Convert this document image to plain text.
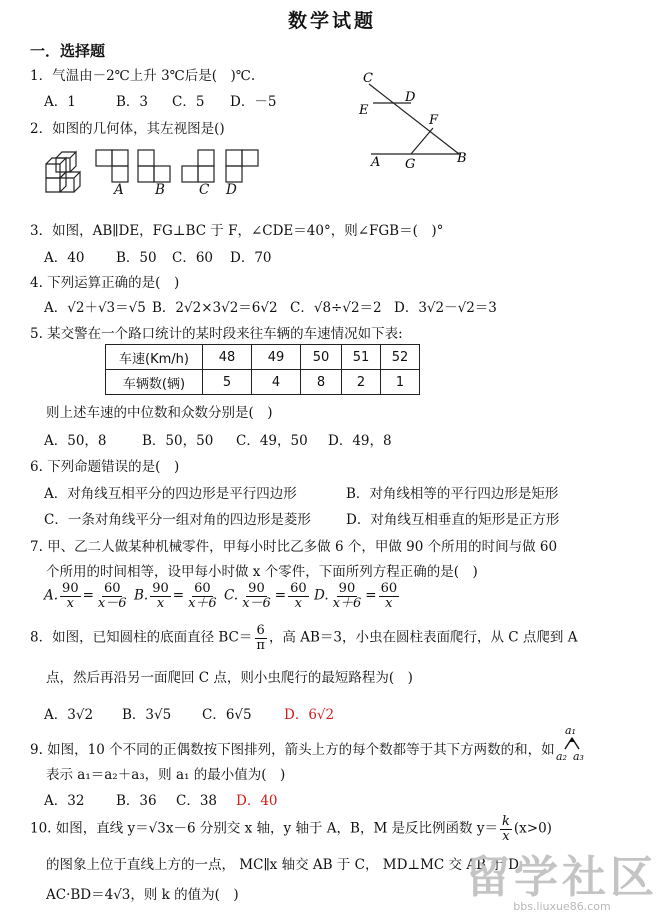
数学试题
一．选择题
1．气温由－2℃上升 3℃后是(　)℃.
A．1	B．3 C．5 D．－5
2．如图的几何体，其左视图是()
A B	C D
C
D
E
F
A G	B
3．如图，AB∥DE，FG⊥BC 于 F，∠CDE＝40°，则∠FGB＝(　)°
A．40 B．50 C．60 D．70
4. 下列运算正确的是(　)
A．√2＋√3＝√5 B．2√2×3√2＝6√2 C．√8÷√2＝2 D．3√2－√2＝3
5. 某交警在一个路口统计的某时段来往车辆的车速情况如下表:
车速(Km/h)	48	49	50	51	52
车辆数(辆)	5	4	8	2	1
则上述车速的中位数和众数分别是(　)
A．50，8	B．50，50 C．49，50 D．49，8
6. 下列命题错误的是(　)
A．对角线互相平分的四边形是平行四边形	B．对角线相等的平行四边形是矩形
C．一条对角线平分一组对角的四边形是菱形	D．对角线互相垂直的矩形是正方形
7. 甲、乙二人做某种机械零件，甲每小时比乙多做 6 个，甲做 90 个所用的时间与做 60
个所用的时间相等，设甲每小时做 x 个零件，下面所列方程正确的是(　)
A. $\frac{90}{x} = \frac{60}{x-6} B$. $\frac{90}{x} = \frac{60}{x+6} C$. $\frac{90}{x-6} = \frac{60}{x} D$. $\frac{90}{x+6} = \frac{60}{x}$
8．如图，已知圆柱的底面直径 $BC= \frac{6}{\pi}$ ，高 AB＝3，小虫在圆柱表面爬行，从 C 点爬到 A
点，然后再沿另一面爬回 C 点，则小虫爬行的最短路程为(　)
A．3√2 B．3√5 C．6√5 D．6√2
9. 如图，10 个不同的正偶数按下图排列，箭头上方的每个数都等于其下方两数的和，如
a₁
a₂ a₃
表示 a₁＝a₂＋a₃，则 a₁ 的最小值为(　)
A．32 B．36 C．38 D．40
10. 如图，直线 y＝√3x－6 分别交 x 轴，y 轴于 A，B，M 是反比例函数 $y= \frac{k}{x} (x>0)$
的图象上位于直线上方的一点， MC∥x 轴交 AB 于 C， MD⊥MC 交 AB 于 D，
AC·BD＝4√3，则 k 的值为(　)	留学社区
bbs.liuxue86.com
